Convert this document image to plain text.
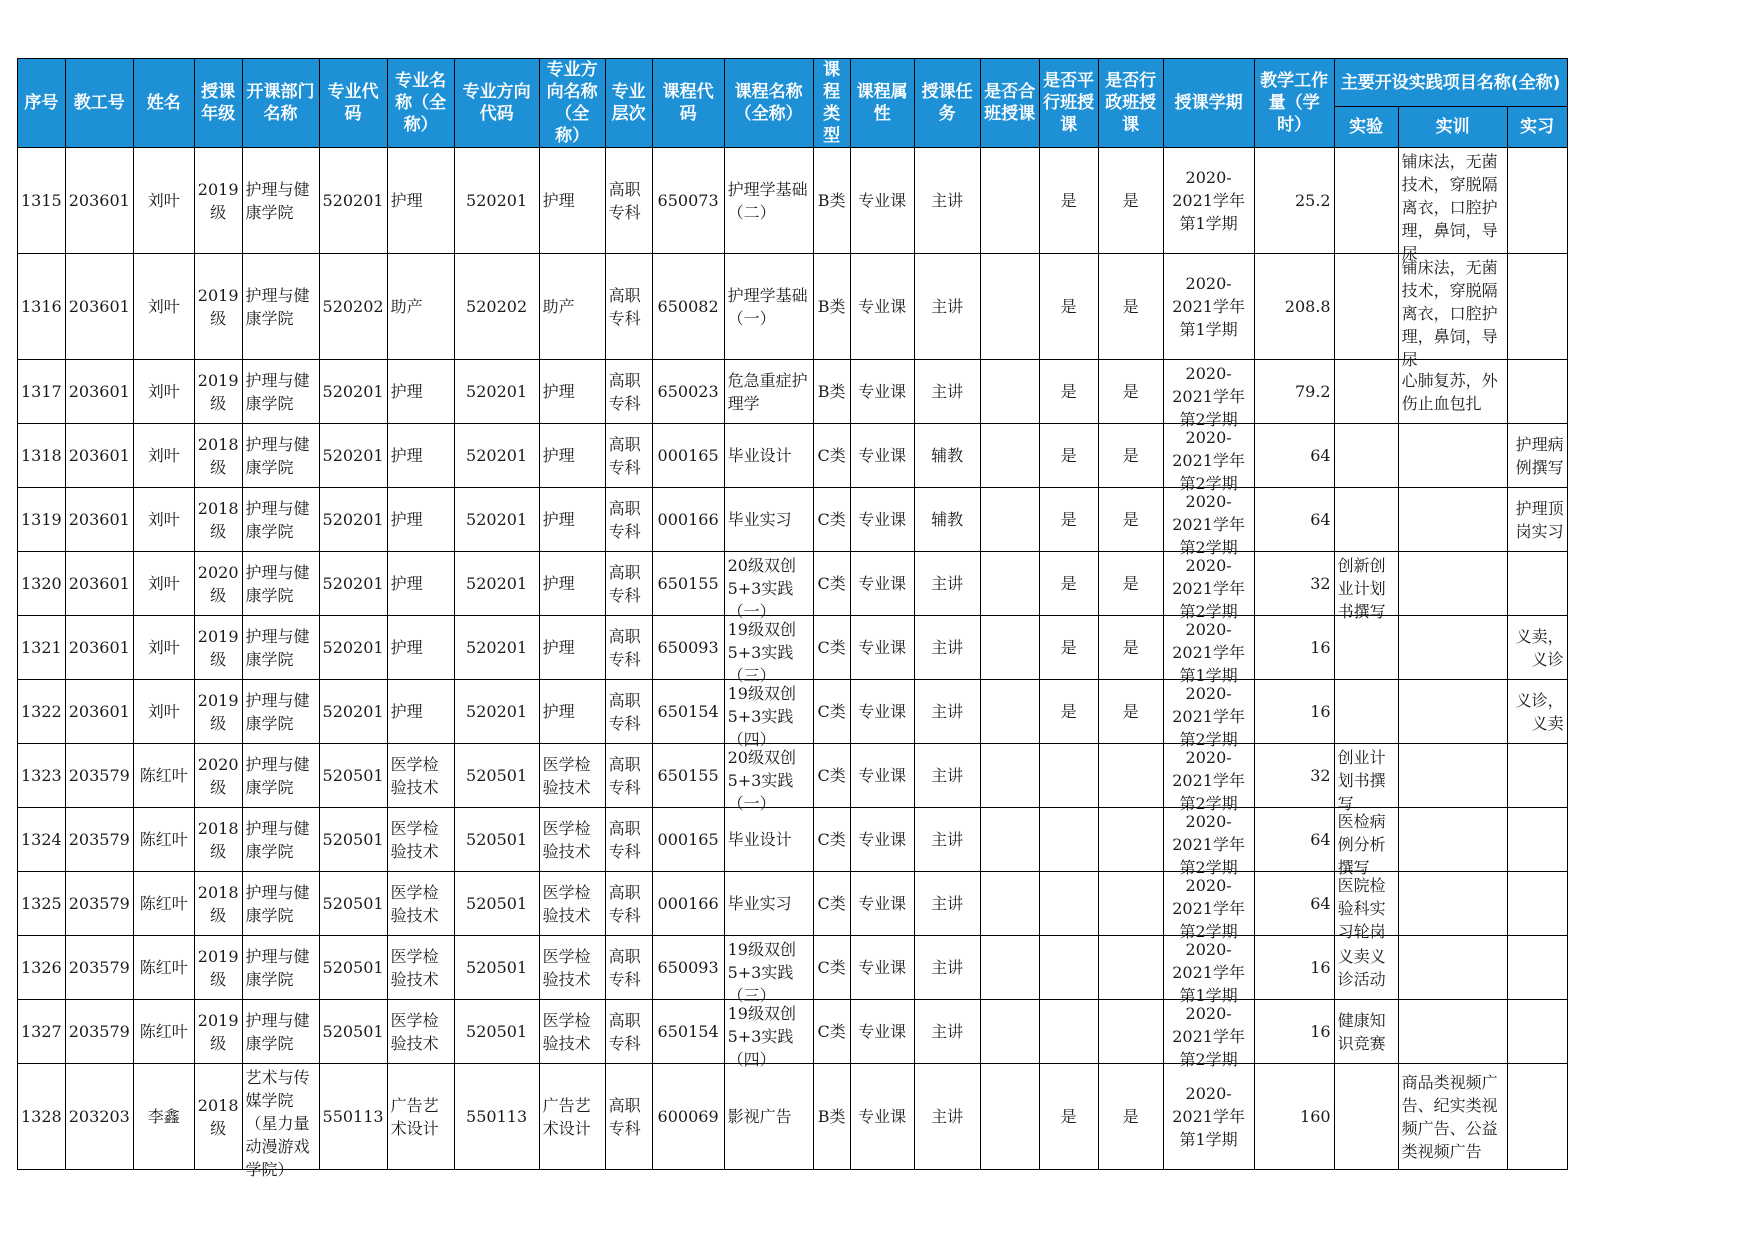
序号	教工号	姓名	授课年级	开课部门名称	专业代码	专业名称（全称）	专业方向代码	专业方向名称（全称）	专业层次	课程代码	课程名称（全称）	课程类型	课程属性	授课任务	是否合班授课	是否平行班授课	是否行政班授课	授课学期	教学工作量（学时）	主要开设实践项目名称(全称)		
																				实验	实训	实习

1315	203601	刘叶	2019级	护理与健康学院	520201	护理	520201	护理	高职专科	650073	护理学基础（二）	B类	专业课	主讲		是	是	2020-2021学年第1学期	25.2		铺床法，无菌技术，穿脱隔离衣，口腔护理，鼻饲，导尿	

1316	203601	刘叶	2019级	护理与健康学院	520202	助产	520202	助产	高职专科	650082	护理学基础（一）	B类	专业课	主讲		是	是	2020-2021学年第1学期	208.8		铺床法，无菌技术，穿脱隔离衣，口腔护理，鼻饲，导尿	

1317	203601	刘叶	2019级	护理与健康学院	520201	护理	520201	护理	高职专科	650023	危急重症护理学	B类	专业课	主讲		是	是	2020-2021学年第2学期	79.2		心肺复苏，外伤止血包扎	

1318	203601	刘叶	2018级	护理与健康学院	520201	护理	520201	护理	高职专科	000165	毕业设计	C类	专业课	辅教		是	是	2020-2021学年第2学期	64			护理病例撰写

1319	203601	刘叶	2018级	护理与健康学院	520201	护理	520201	护理	高职专科	000166	毕业实习	C类	专业课	辅教		是	是	2020-2021学年第2学期	64			护理顶岗实习

1320	203601	刘叶	2020级	护理与健康学院	520201	护理	520201	护理	高职专科	650155	20级双创5+3实践（一）	C类	专业课	主讲		是	是	2020-2021学年第2学期	32	创新创业计划书撰写		

1321	203601	刘叶	2019级	护理与健康学院	520201	护理	520201	护理	高职专科	650093	19级双创5+3实践（三）	C类	专业课	主讲		是	是	2020-2021学年第1学期	16			义卖，义诊

1322	203601	刘叶	2019级	护理与健康学院	520201	护理	520201	护理	高职专科	650154	19级双创5+3实践（四）	C类	专业课	主讲		是	是	2020-2021学年第2学期	16			义诊，义卖

1323	203579	陈红叶	2020级	护理与健康学院	520501	医学检验技术	520501	医学检验技术	高职专科	650155	20级双创5+3实践（一）	C类	专业课	主讲				2020-2021学年第2学期	32	创业计划书撰写		

1324	203579	陈红叶	2018级	护理与健康学院	520501	医学检验技术	520501	医学检验技术	高职专科	000165	毕业设计	C类	专业课	主讲				2020-2021学年第2学期	64	医检病例分析撰写		

1325	203579	陈红叶	2018级	护理与健康学院	520501	医学检验技术	520501	医学检验技术	高职专科	000166	毕业实习	C类	专业课	主讲				2020-2021学年第2学期	64	医院检验科实习轮岗		

1326	203579	陈红叶	2019级	护理与健康学院	520501	医学检验技术	520501	医学检验技术	高职专科	650093	19级双创5+3实践（三）	C类	专业课	主讲				2020-2021学年第1学期	16	义卖义诊活动		

1327	203579	陈红叶	2019级	护理与健康学院	520501	医学检验技术	520501	医学检验技术	高职专科	650154	19级双创5+3实践（四）	C类	专业课	主讲				2020-2021学年第2学期	16	健康知识竞赛		

1328	203203	李鑫	2018级	艺术与传媒学院（星力量动漫游戏学院）	550113	广告艺术设计	550113	广告艺术设计	高职专科	600069	影视广告	B类	专业课	主讲		是	是	2020-2021学年第1学期	160		商品类视频广告、纪实类视频广告、公益类视频广告	
